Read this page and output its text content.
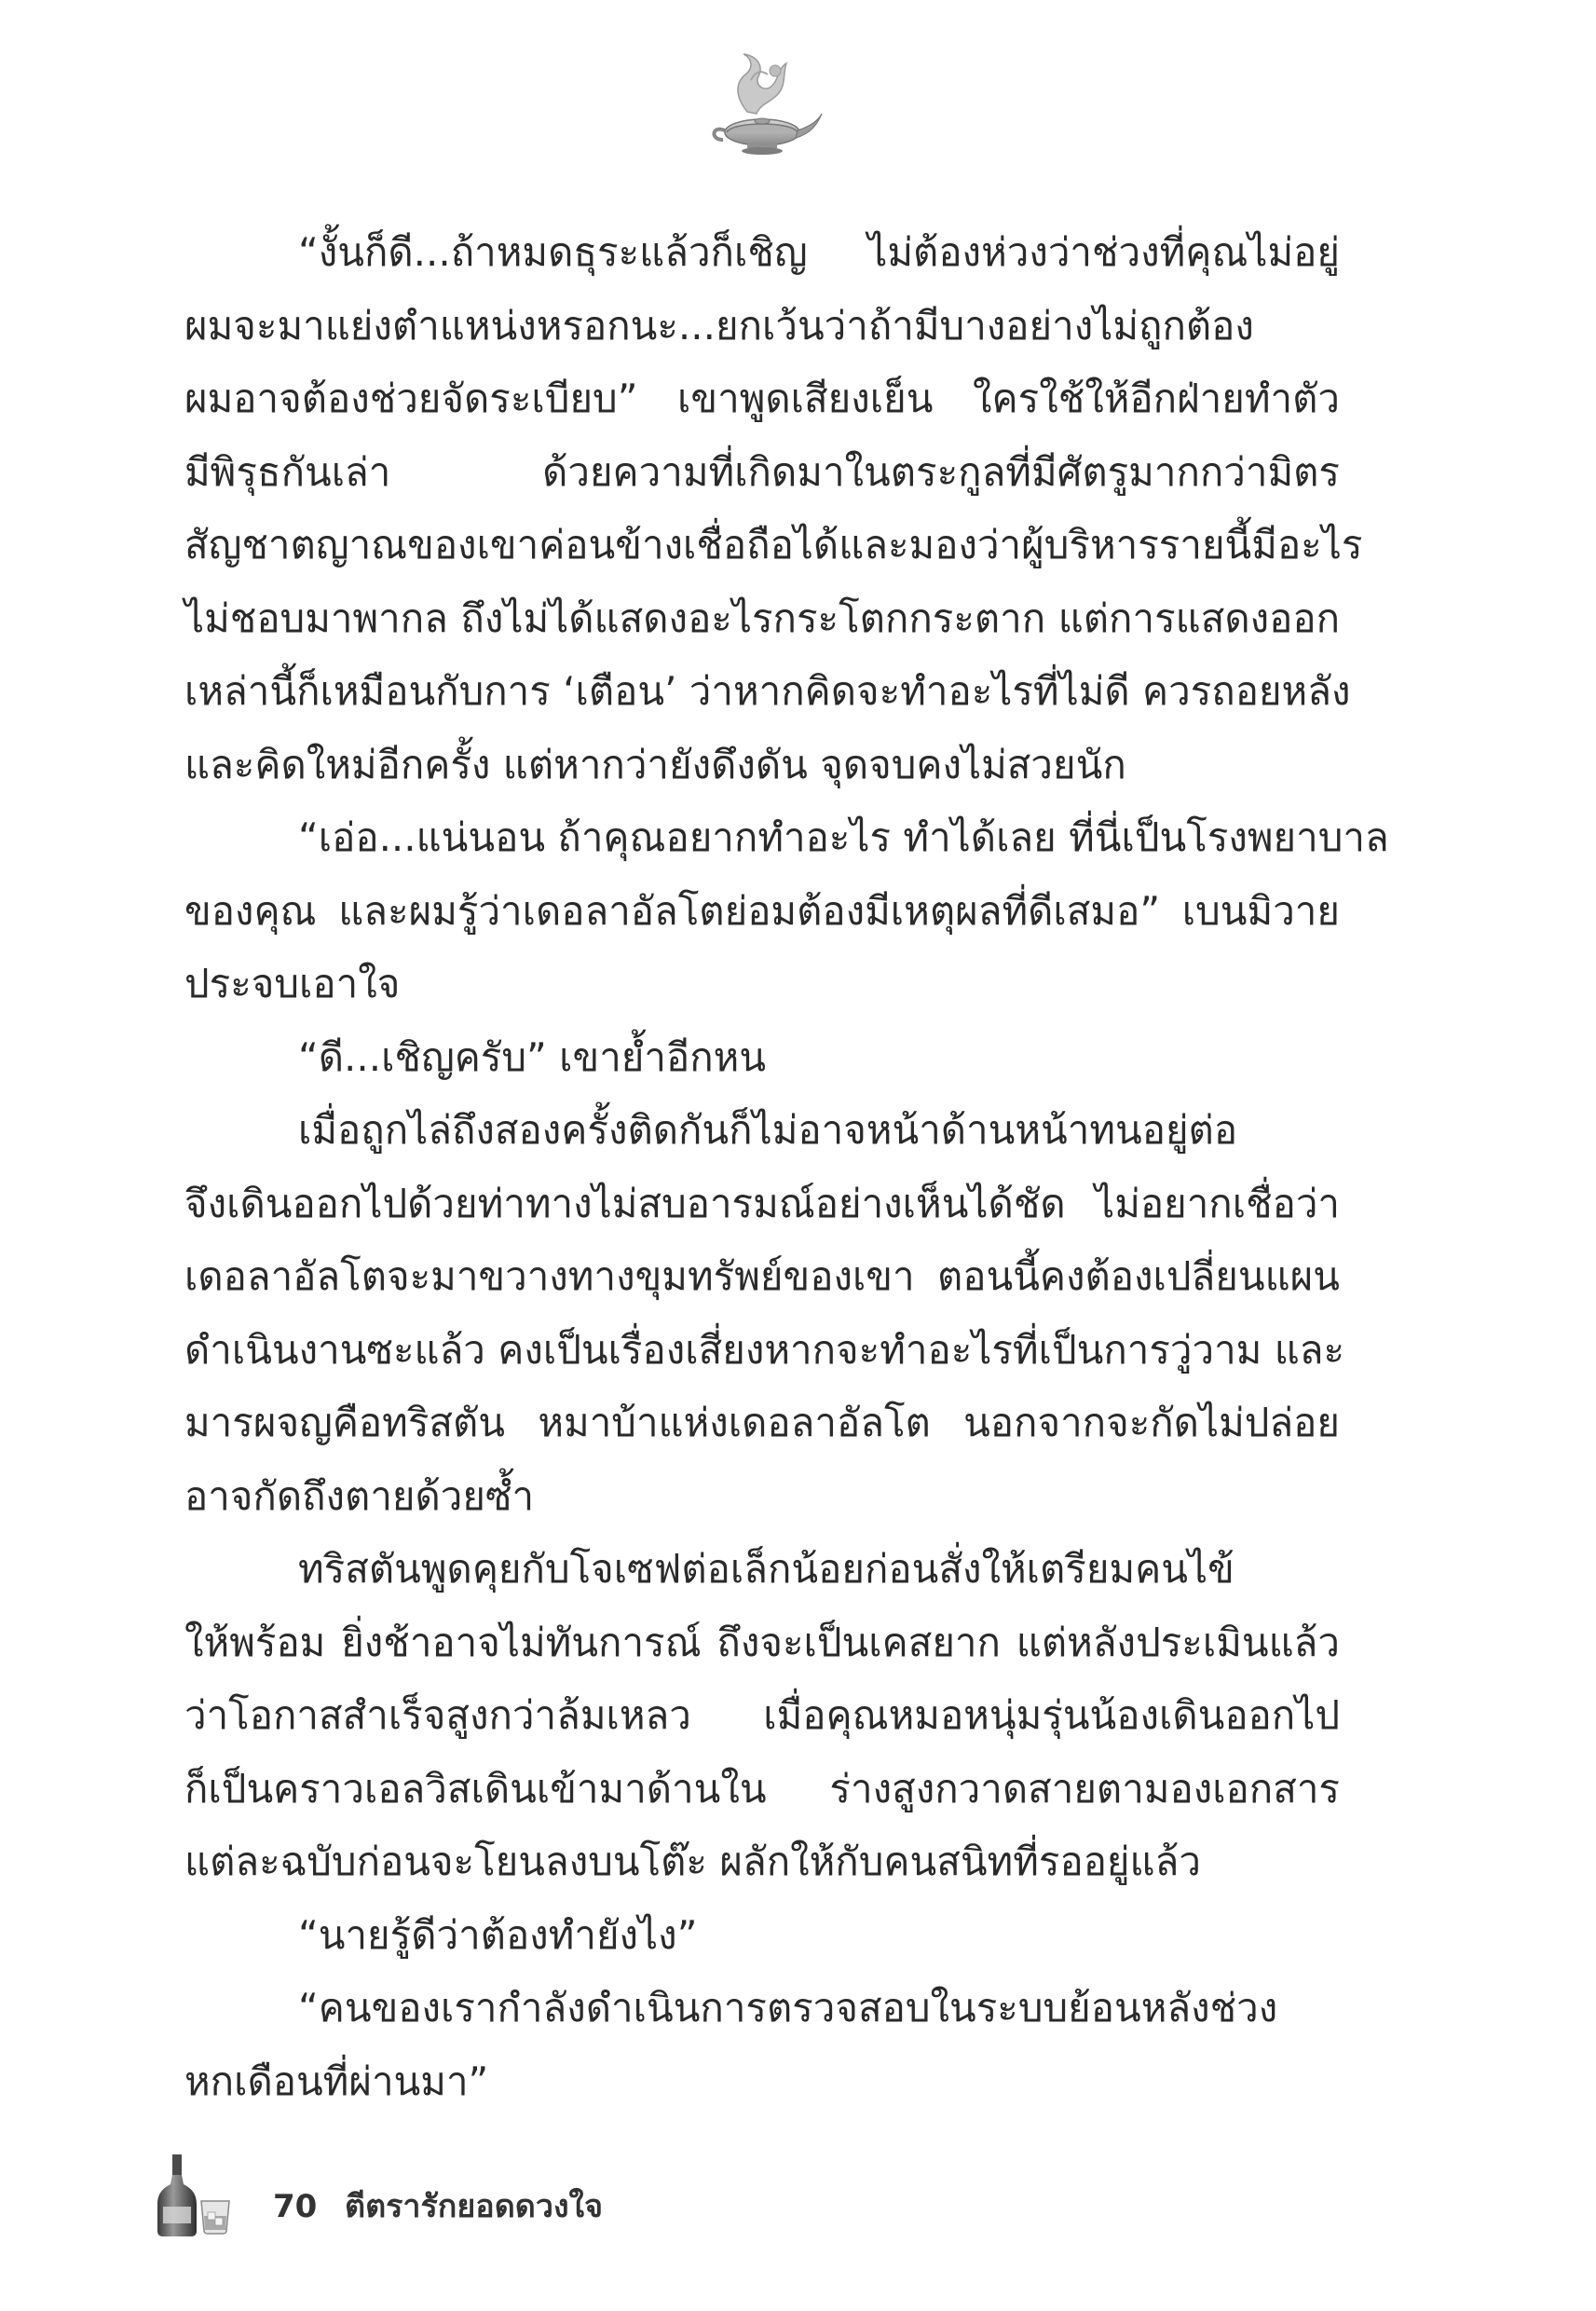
“งั้นก็ดี...ถ้าหมดธุระแล้วก็เชิญ ไม่ต้องห่วงว่าช่วงที่คุณไม่อยู่
ผมจะมาแย่งตำแหน่งหรอกนะ...ยกเว้นว่าถ้ามีบางอย่างไม่ถูกต้อง
ผมอาจต้องช่วยจัดระเบียบ” เขาพูดเสียงเย็น ใครใช้ให้อีกฝ่ายทำตัว
มีพิรุธกันเล่า ด้วยความที่เกิดมาในตระกูลที่มีศัตรูมากกว่ามิตร
สัญชาตญาณของเขาค่อนข้างเชื่อถือได้และมองว่าผู้บริหารรายนี้มีอะไร
ไม่ชอบมาพากล ถึงไม่ได้แสดงอะไรกระโตกกระตาก แต่การแสดงออก
เหล่านี้ก็เหมือนกับการ ‘เตือน’ ว่าหากคิดจะทำอะไรที่ไม่ดี ควรถอยหลัง
และคิดใหม่อีกครั้ง แต่หากว่ายังดึงดัน จุดจบคงไม่สวยนัก
“เอ่อ...แน่นอน ถ้าคุณอยากทำอะไร ทำได้เลย ที่นี่เป็นโรงพยาบาล
ของคุณ และผมรู้ว่าเดอลาอัลโตย่อมต้องมีเหตุผลที่ดีเสมอ” เบนมิวาย
ประจบเอาใจ
“ดี...เชิญครับ” เขาย้ำอีกหน
เมื่อถูกไล่ถึงสองครั้งติดกันก็ไม่อาจหน้าด้านหน้าทนอยู่ต่อ
จึงเดินออกไปด้วยท่าทางไม่สบอารมณ์อย่างเห็นได้ชัด ไม่อยากเชื่อว่า
เดอลาอัลโตจะมาขวางทางขุมทรัพย์ของเขา ตอนนี้คงต้องเปลี่ยนแผน
ดำเนินงานซะแล้ว คงเป็นเรื่องเสี่ยงหากจะทำอะไรที่เป็นการวู่วาม และ
มารผจญคือทริสตัน หมาบ้าแห่งเดอลาอัลโต นอกจากจะกัดไม่ปล่อย
อาจกัดถึงตายด้วยซ้ำ
ทริสตันพูดคุยกับโจเซฟต่อเล็กน้อยก่อนสั่งให้เตรียมคนไข้
ให้พร้อม ยิ่งช้าอาจไม่ทันการณ์ ถึงจะเป็นเคสยาก แต่หลังประเมินแล้ว
ว่าโอกาสสำเร็จสูงกว่าล้มเหลว เมื่อคุณหมอหนุ่มรุ่นน้องเดินออกไป
ก็เป็นคราวเอลวิสเดินเข้ามาด้านใน ร่างสูงกวาดสายตามองเอกสาร
แต่ละฉบับก่อนจะโยนลงบนโต๊ะ ผลักให้กับคนสนิทที่รออยู่แล้ว
“นายรู้ดีว่าต้องทำยังไง”
“คนของเรากำลังดำเนินการตรวจสอบในระบบย้อนหลังช่วง
หกเดือนที่ผ่านมา”
70 ตีตรารักยอดดวงใจ
